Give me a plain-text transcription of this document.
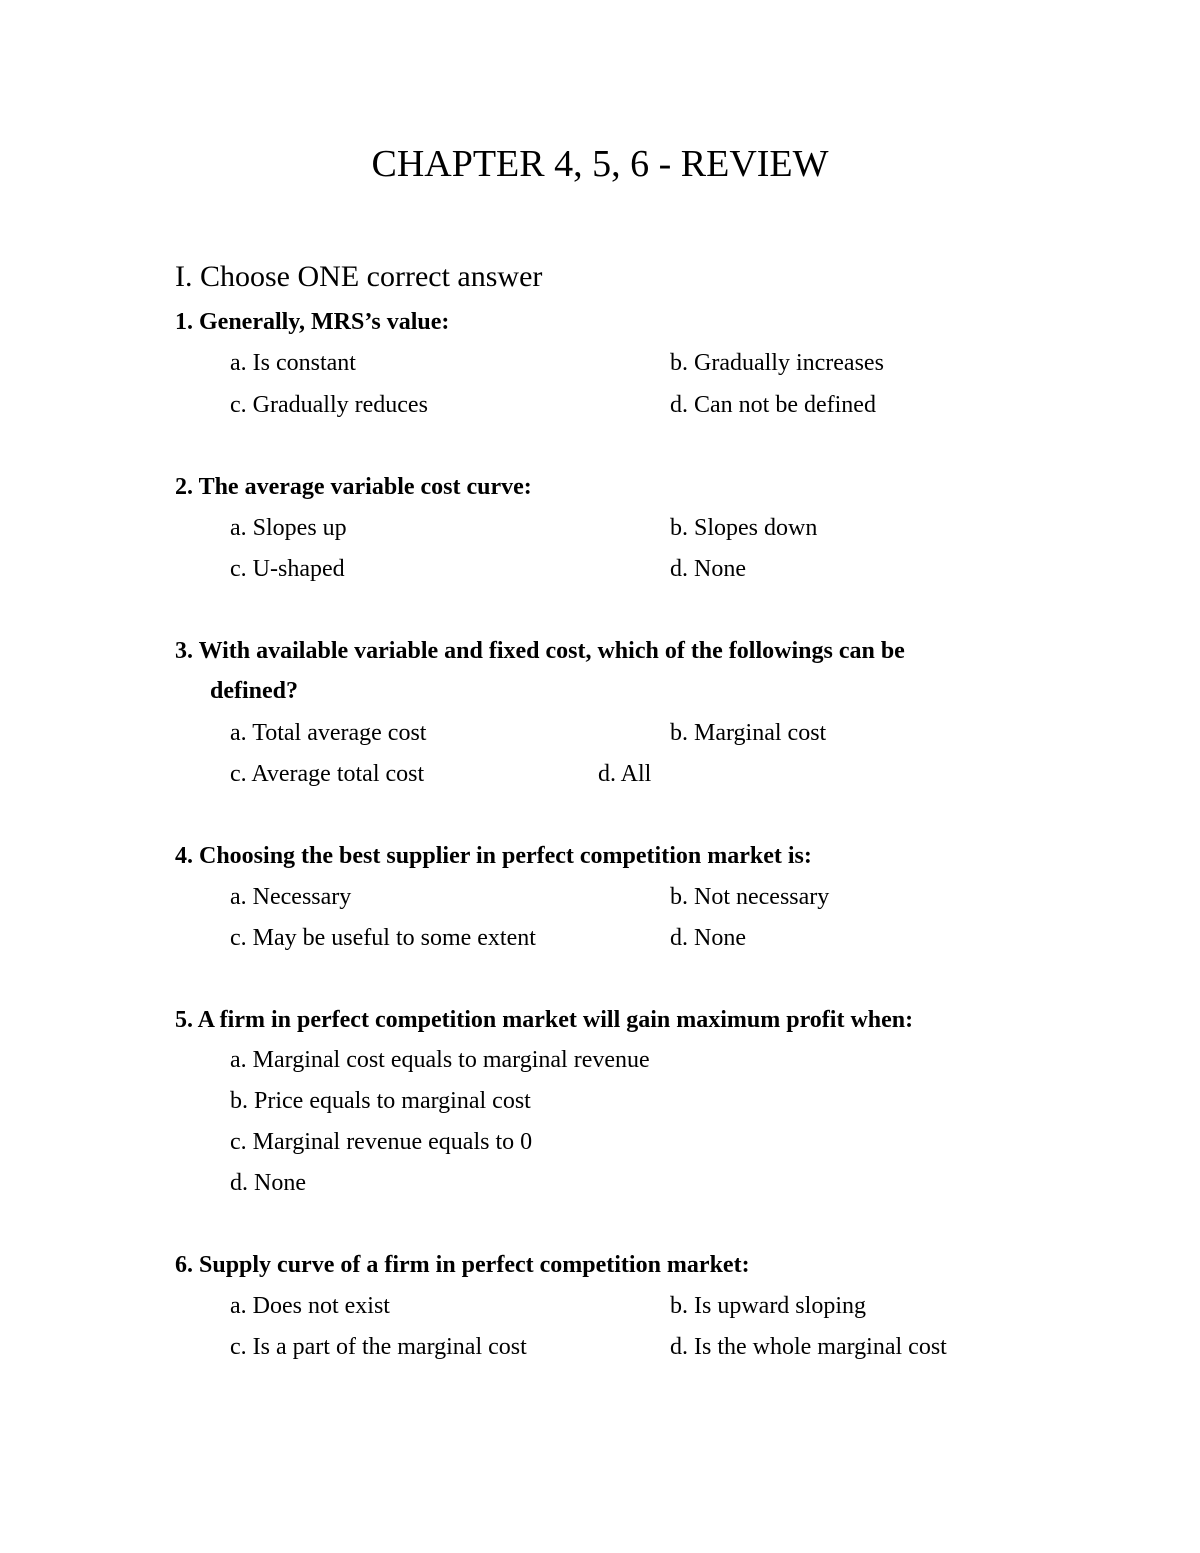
CHAPTER 4, 5, 6 - REVIEW
I. Choose ONE correct answer
1. Generally, MRS’s value:
a. Is constant	b. Gradually increases
c. Gradually reduces	d. Can not be defined
2. The average variable cost curve:
a. Slopes up	b. Slopes down
c. U-shaped	d. None
3. With available variable and fixed cost, which of the followings can be
defined?
a. Total average cost	b. Marginal cost
c. Average total cost	d. All
4. Choosing the best supplier in perfect competition market is:
a. Necessary	b. Not necessary
c. May be useful to some extent	d. None
5. A firm in perfect competition market will gain maximum profit when:
a. Marginal cost equals to marginal revenue
b. Price equals to marginal cost
c. Marginal revenue equals to 0
d. None
6. Supply curve of a firm in perfect competition market:
a. Does not exist	b. Is upward sloping
c. Is a part of the marginal cost	d. Is the whole marginal cost
